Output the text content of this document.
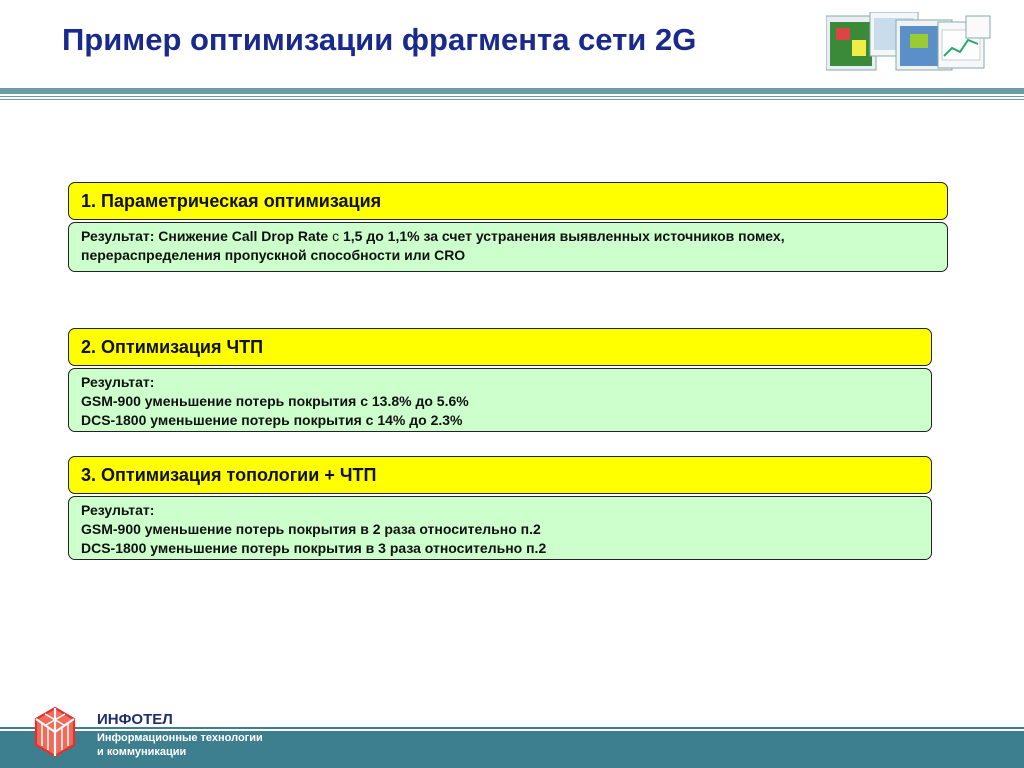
Пример оптимизации фрагмента сети 2G
1. Параметрическая оптимизация
Результат: Снижение Call Drop Rate с 1,5 до 1,1% за счет устранения выявленных источников помех,
перераспределения пропускной способности или CRO
2. Оптимизация ЧТП
Результат:
GSM-900 уменьшение потерь покрытия с 13.8% до 5.6%
DCS-1800 уменьшение потерь покрытия с 14% до 2.3%
3. Оптимизация топологии + ЧТП
Результат:
GSM-900 уменьшение потерь покрытия в 2 раза относительно п.2
DCS-1800 уменьшение потерь покрытия в 3 раза относительно п.2
ИНФОТЕЛ
Информационные технологии
и коммуникации
